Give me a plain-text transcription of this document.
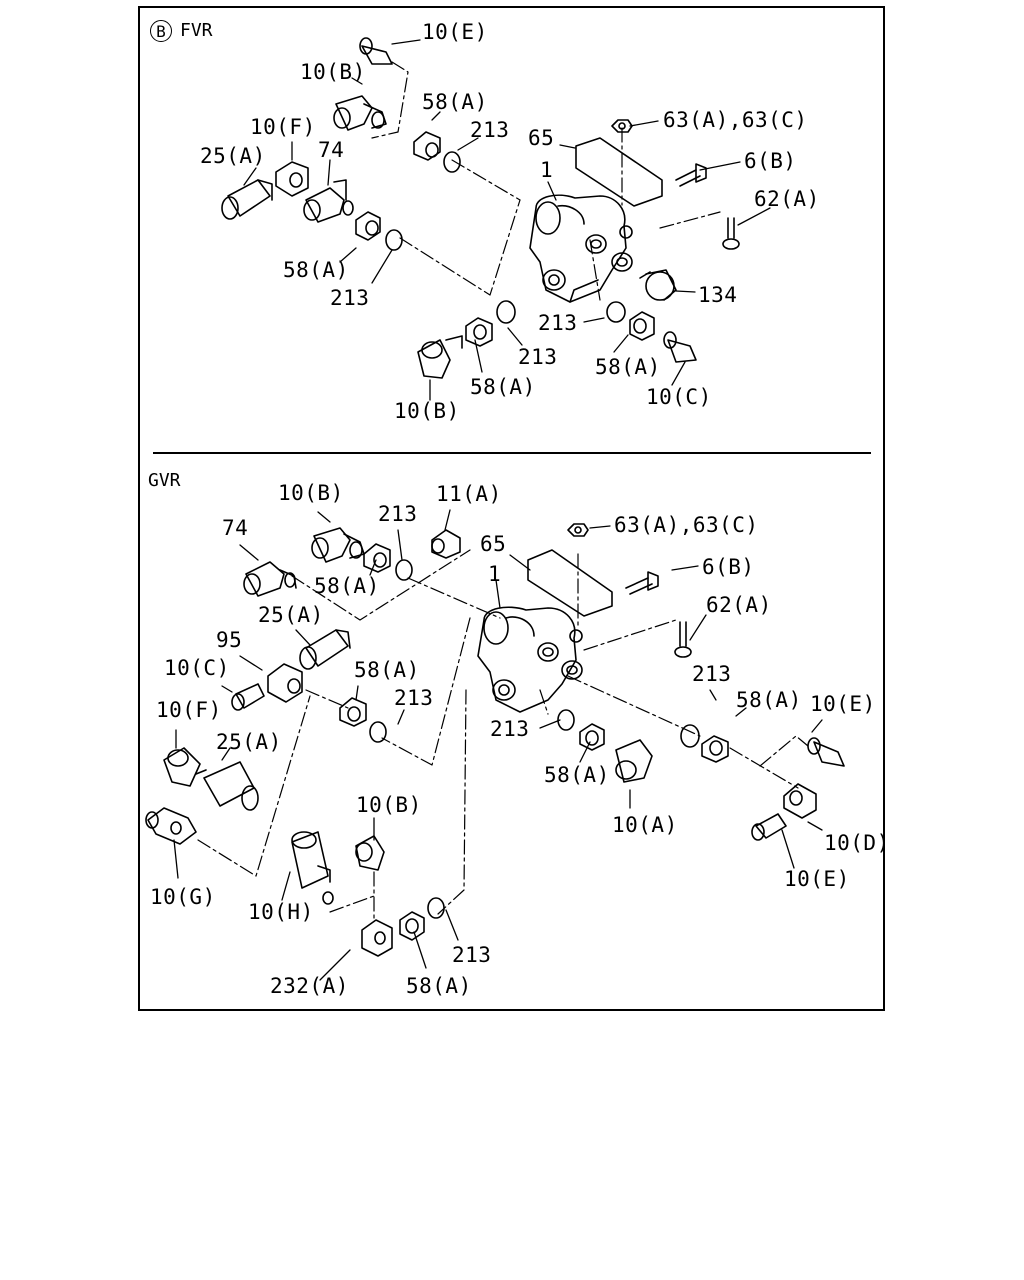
B FVR
GVR
10(E)
10(B)
58(A)
213 65
63(A),63(C)
10(F)
74
25(A)	6(B)
1
62(A)
58(A)
213	134
213
213 58(A)
58(A)	10(C)
10(B)
10(B)	11(A)
213
74
65
63(A),63(C)
58(A)
6(B)
1
25(A)	62(A)
95
10(C)	58(A)	213
213	58(A) 10(E)
10(F)
25(A)
213
58(A)
10(A)
10(B)
10(D)
10(E)
10(G)
10(H)
213
232(A)	58(A)
